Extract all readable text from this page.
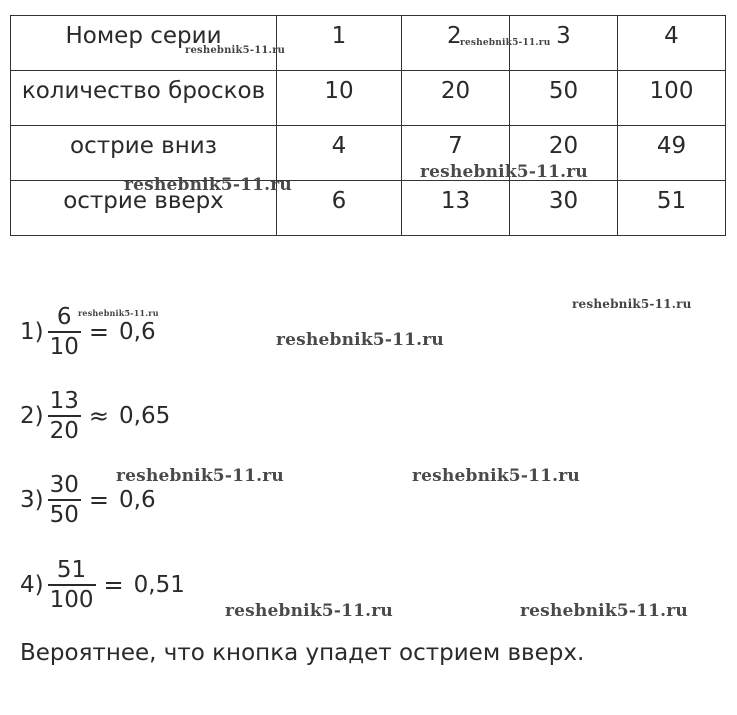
Номер серии	1	2	3	4
количество бросков	10	20	50	100
острие вниз	4	7	20	49
острие вверх	6	13	30	51
$1) \frac{6}{10} = 0,6$
$2) \frac{13}{20} \approx 0,65$
$3) \frac{30}{50} = 0,6$
$4) \frac{51}{100} = 0,51$
Вероятнее, что кнопка упадет острием вверх.
reshebnik5-11.ru
reshebnik5-11.ru
reshebnik5-11.ru
reshebnik5-11.ru
reshebnik5-11.ru
reshebnik5-11.ru
reshebnik5-11.ru
reshebnik5-11.ru	reshebnik5-11.ru
reshebnik5-11.ru	reshebnik5-11.ru
